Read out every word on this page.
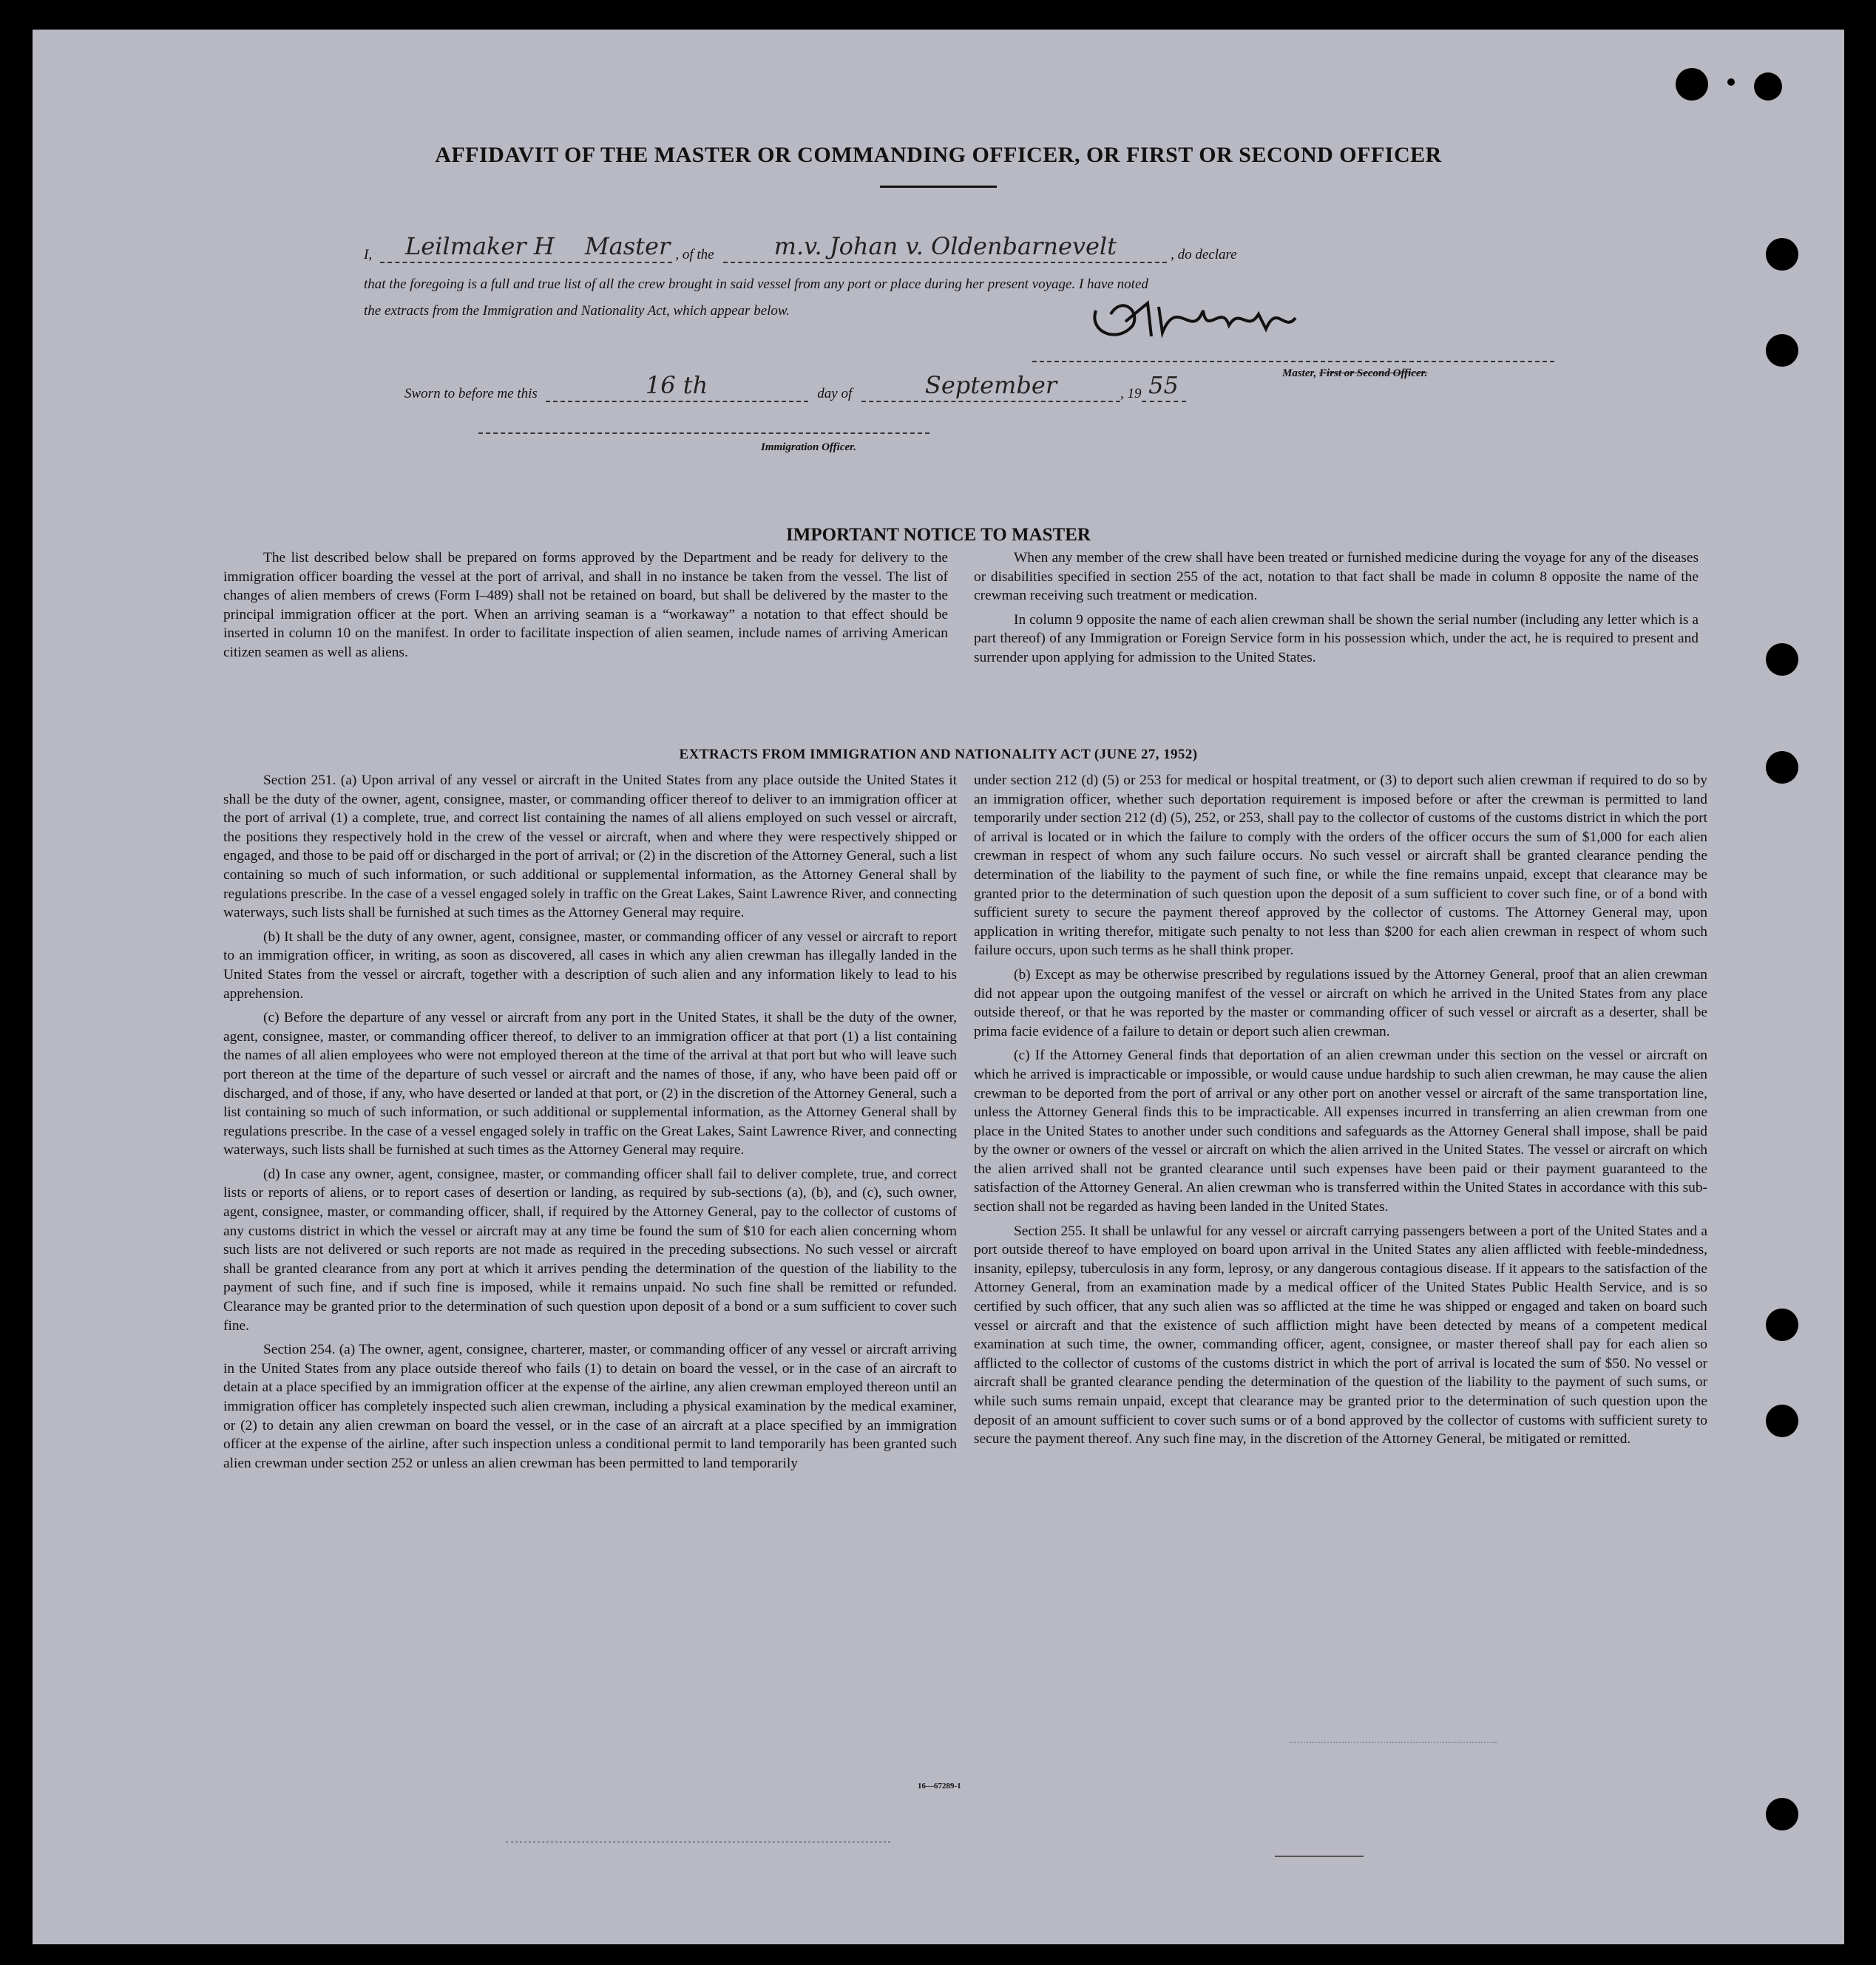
AFFIDAVIT OF THE MASTER OR COMMANDING OFFICER, OR FIRST OR SECOND OFFICER
I,	Leilmaker H
	Master , of the	m.v. Johan v. Oldenbarnevelt	, do declare
that the foregoing is a full and true list of all the crew brought in said vessel from any port or place during her present voyage. I have noted
the extracts from the Immigration and Nationality Act, which appear below.
Master, First or Second Officer.
Sworn to before me this	16 th	day of	September	, 19 55
Immigration Officer.
IMPORTANT NOTICE TO MASTER

The list described below shall be prepared on forms approved by the Department and be ready for delivery to the immigration officer boarding the vessel at the port of arrival, and shall in no instance be taken from the vessel. The list of changes of alien members of crews (Form I–489) shall not be retained on board, but shall be delivered by the master to the principal immigration officer at the port. When an arriving seaman is a “workaway” a notation to that effect should be inserted in column 10 on the manifest. In order to facilitate inspection of alien seamen, include names of arriving American citizen seamen as well as aliens.

When any member of the crew shall have been treated or furnished medicine during the voyage for any of the diseases or disabilities specified in section 255 of the act, notation to that fact shall be made in column 8 opposite the name of the crewman receiving such treatment or medication.

In column 9 opposite the name of each alien crewman shall be shown the serial number (including any letter which is a part thereof) of any Immigration or Foreign Service form in his possession which, under the act, he is required to present and surrender upon applying for admission to the United States.

EXTRACTS FROM IMMIGRATION AND NATIONALITY ACT (JUNE 27, 1952)

Section 251. (a) Upon arrival of any vessel or aircraft in the United States from any place outside the United States it shall be the duty of the owner, agent, consignee, master, or commanding officer thereof to deliver to an immigration officer at the port of arrival (1) a complete, true, and correct list containing the names of all aliens employed on such vessel or aircraft, the positions they respectively hold in the crew of the vessel or aircraft, when and where they were respectively shipped or engaged, and those to be paid off or discharged in the port of arrival; or (2) in the discretion of the Attorney General, such a list containing so much of such information, or such additional or supplemental information, as the Attorney General shall by regulations prescribe. In the case of a vessel engaged solely in traffic on the Great Lakes, Saint Lawrence River, and connecting waterways, such lists shall be furnished at such times as the Attorney General may require.

(b) It shall be the duty of any owner, agent, consignee, master, or commanding officer of any vessel or aircraft to report to an immigration officer, in writing, as soon as discovered, all cases in which any alien crewman has illegally landed in the United States from the vessel or aircraft, together with a description of such alien and any information likely to lead to his apprehension.

(c) Before the departure of any vessel or aircraft from any port in the United States, it shall be the duty of the owner, agent, consignee, master, or commanding officer thereof, to deliver to an immigration officer at that port (1) a list containing the names of all alien employees who were not employed thereon at the time of the arrival at that port but who will leave such port thereon at the time of the departure of such vessel or aircraft and the names of those, if any, who have been paid off or discharged, and of those, if any, who have deserted or landed at that port, or (2) in the discretion of the Attorney General, such a list containing so much of such information, or such additional or supplemental information, as the Attorney General shall by regulations prescribe. In the case of a vessel engaged solely in traffic on the Great Lakes, Saint Lawrence River, and connecting waterways, such lists shall be furnished at such times as the Attorney General may require.

(d) In case any owner, agent, consignee, master, or commanding officer shall fail to deliver complete, true, and correct lists or reports of aliens, or to report cases of desertion or landing, as required by sub-sections (a), (b), and (c), such owner, agent, consignee, master, or commanding officer, shall, if required by the Attorney General, pay to the collector of customs of any customs district in which the vessel or aircraft may at any time be found the sum of $10 for each alien concerning whom such lists are not delivered or such reports are not made as required in the preceding subsections. No such vessel or aircraft shall be granted clearance from any port at which it arrives pending the determination of the question of the liability to the payment of such fine, and if such fine is imposed, while it remains unpaid. No such fine shall be remitted or refunded. Clearance may be granted prior to the determination of such question upon deposit of a bond or a sum sufficient to cover such fine.

Section 254. (a) The owner, agent, consignee, charterer, master, or commanding officer of any vessel or aircraft arriving in the United States from any place outside thereof who fails (1) to detain on board the vessel, or in the case of an aircraft to detain at a place specified by an immigration officer at the expense of the airline, any alien crewman employed thereon until an immigration officer has completely inspected such alien crewman, including a physical examination by the medical examiner, or (2) to detain any alien crewman on board the vessel, or in the case of an aircraft at a place specified by an immigration officer at the expense of the airline, after such inspection unless a conditional permit to land temporarily has been granted such alien crewman under section 252 or unless an alien crewman has been permitted to land temporarily

under section 212 (d) (5) or 253 for medical or hospital treatment, or (3) to deport such alien crewman if required to do so by an immigration officer, whether such deportation requirement is imposed before or after the crewman is permitted to land temporarily under section 212 (d) (5), 252, or 253, shall pay to the collector of customs of the customs district in which the port of arrival is located or in which the failure to comply with the orders of the officer occurs the sum of $1,000 for each alien crewman in respect of whom any such failure occurs. No such vessel or aircraft shall be granted clearance pending the determination of the liability to the payment of such fine, or while the fine remains unpaid, except that clearance may be granted prior to the determination of such question upon the deposit of a sum sufficient to cover such fine, or of a bond with sufficient surety to secure the payment thereof approved by the collector of customs. The Attorney General may, upon application in writing therefor, mitigate such penalty to not less than $200 for each alien crewman in respect of whom such failure occurs, upon such terms as he shall think proper.

(b) Except as may be otherwise prescribed by regulations issued by the Attorney General, proof that an alien crewman did not appear upon the outgoing manifest of the vessel or aircraft on which he arrived in the United States from any place outside thereof, or that he was reported by the master or commanding officer of such vessel or aircraft as a deserter, shall be prima facie evidence of a failure to detain or deport such alien crewman.

(c) If the Attorney General finds that deportation of an alien crewman under this section on the vessel or aircraft on which he arrived is impracticable or impossible, or would cause undue hardship to such alien crewman, he may cause the alien crewman to be deported from the port of arrival or any other port on another vessel or aircraft of the same transportation line, unless the Attorney General finds this to be impracticable. All expenses incurred in transferring an alien crewman from one place in the United States to another under such conditions and safeguards as the Attorney General shall impose, shall be paid by the owner or owners of the vessel or aircraft on which the alien arrived in the United States. The vessel or aircraft on which the alien arrived shall not be granted clearance until such expenses have been paid or their payment guaranteed to the satisfaction of the Attorney General. An alien crewman who is transferred within the United States in accordance with this sub-section shall not be regarded as having been landed in the United States.

Section 255. It shall be unlawful for any vessel or aircraft carrying passengers between a port of the United States and a port outside thereof to have employed on board upon arrival in the United States any alien afflicted with feeble-mindedness, insanity, epilepsy, tuberculosis in any form, leprosy, or any dangerous contagious disease. If it appears to the satisfaction of the Attorney General, from an examination made by a medical officer of the United States Public Health Service, and is so certified by such officer, that any such alien was so afflicted at the time he was shipped or engaged and taken on board such vessel or aircraft and that the existence of such affliction might have been detected by means of a competent medical examination at such time, the owner, commanding officer, agent, consignee, or master thereof shall pay for each alien so afflicted to the collector of customs of the customs district in which the port of arrival is located the sum of $50. No vessel or aircraft shall be granted clearance pending the determination of the question of the liability to the payment of such sums, or while such sums remain unpaid, except that clearance may be granted prior to the determination of such question upon the deposit of an amount sufficient to cover such sums or of a bond approved by the collector of customs with sufficient surety to secure the payment thereof. Any such fine may, in the discretion of the Attorney General, be mitigated or remitted.

16—67289-1
